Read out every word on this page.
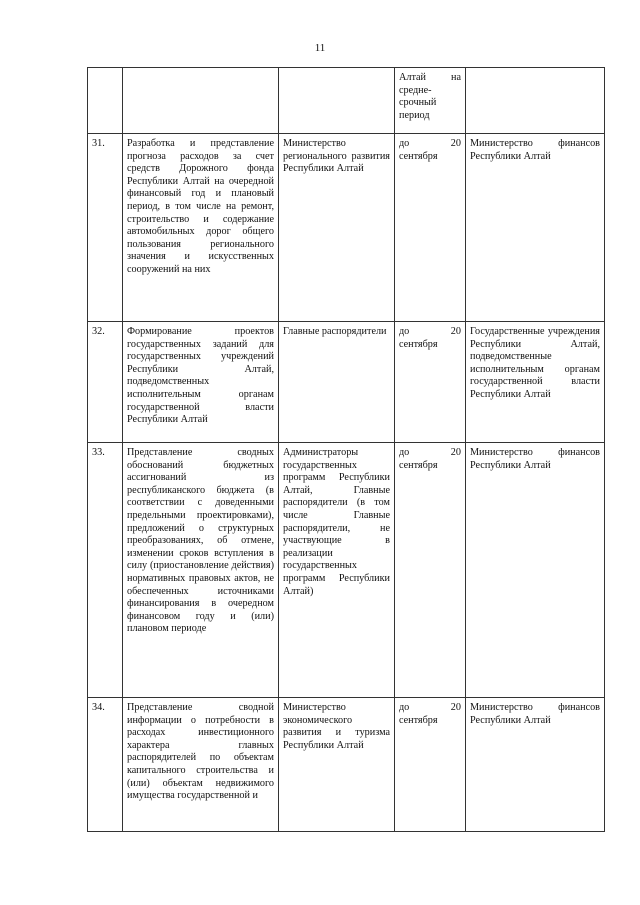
11
			Алтай на средне-срочный период	
31.	Разработка и представление прогноза расходов за счет средств Дорожного фонда Республики Алтай на очередной финансовый год и плановый период, в том числе на ремонт, строительство и содержание автомобильных дорог общего пользования регионального значения и искусственных сооружений на них	Министерство регионального развития Республики Алтай	до 20 сентября	Министерство финансов Республики Алтай
32.	Формирование проектов государственных заданий для государственных учреждений Республики Алтай, подведомственных исполнительным органам государственной власти Республики Алтай	Главные распорядители	до 20 сентября	Государственные учреждения Республики Алтай, подведомственные исполнительным органам государственной власти Республики Алтай
33.	Представление сводных обоснований бюджетных ассигнований из республиканского бюджета (в соответствии с доведенными предельными проектировками), предложений о структурных преобразованиях, об отмене, изменении сроков вступления в силу (приостановление действия) нормативных правовых актов, не обеспеченных источниками финансирования в очередном финансовом году и (или) плановом периоде	Администраторы государственных программ Республики Алтай, Главные распорядители (в том числе Главные распорядители, не участвующие в реализации государственных программ Республики Алтай)	до 20 сентября	Министерство финансов Республики Алтай
34.	Представление сводной информации о потребности в расходах инвестиционного характера главных распорядителей по объектам капитального строительства и (или) объектам недвижимого имущества государственной и	Министерство экономического развития и туризма Республики Алтай	до 20 сентября	Министерство финансов Республики Алтай
